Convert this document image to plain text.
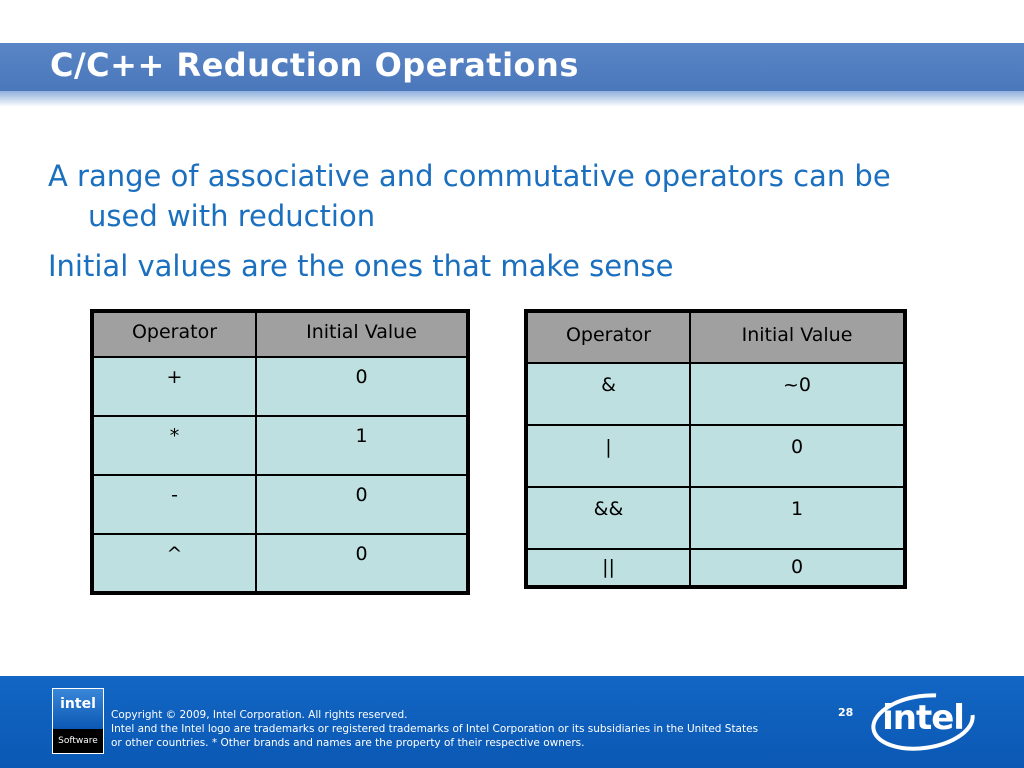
C/C++ Reduction Operations

A range of associative and commutative operators can be used with reduction

Initial values are the ones that make sense

Operator	Initial Value
+	0
*	1
-	0
^	0
Operator	Initial Value
&	~0
|	0
&&	1
||	0
intel
Software

Copyright © 2009, Intel Corporation. All rights reserved.

Intel and the Intel logo are trademarks or registered trademarks of Intel Corporation or its subsidiaries in the United States

or other countries. * Other brands and names are the property of their respective owners.

28 intel
